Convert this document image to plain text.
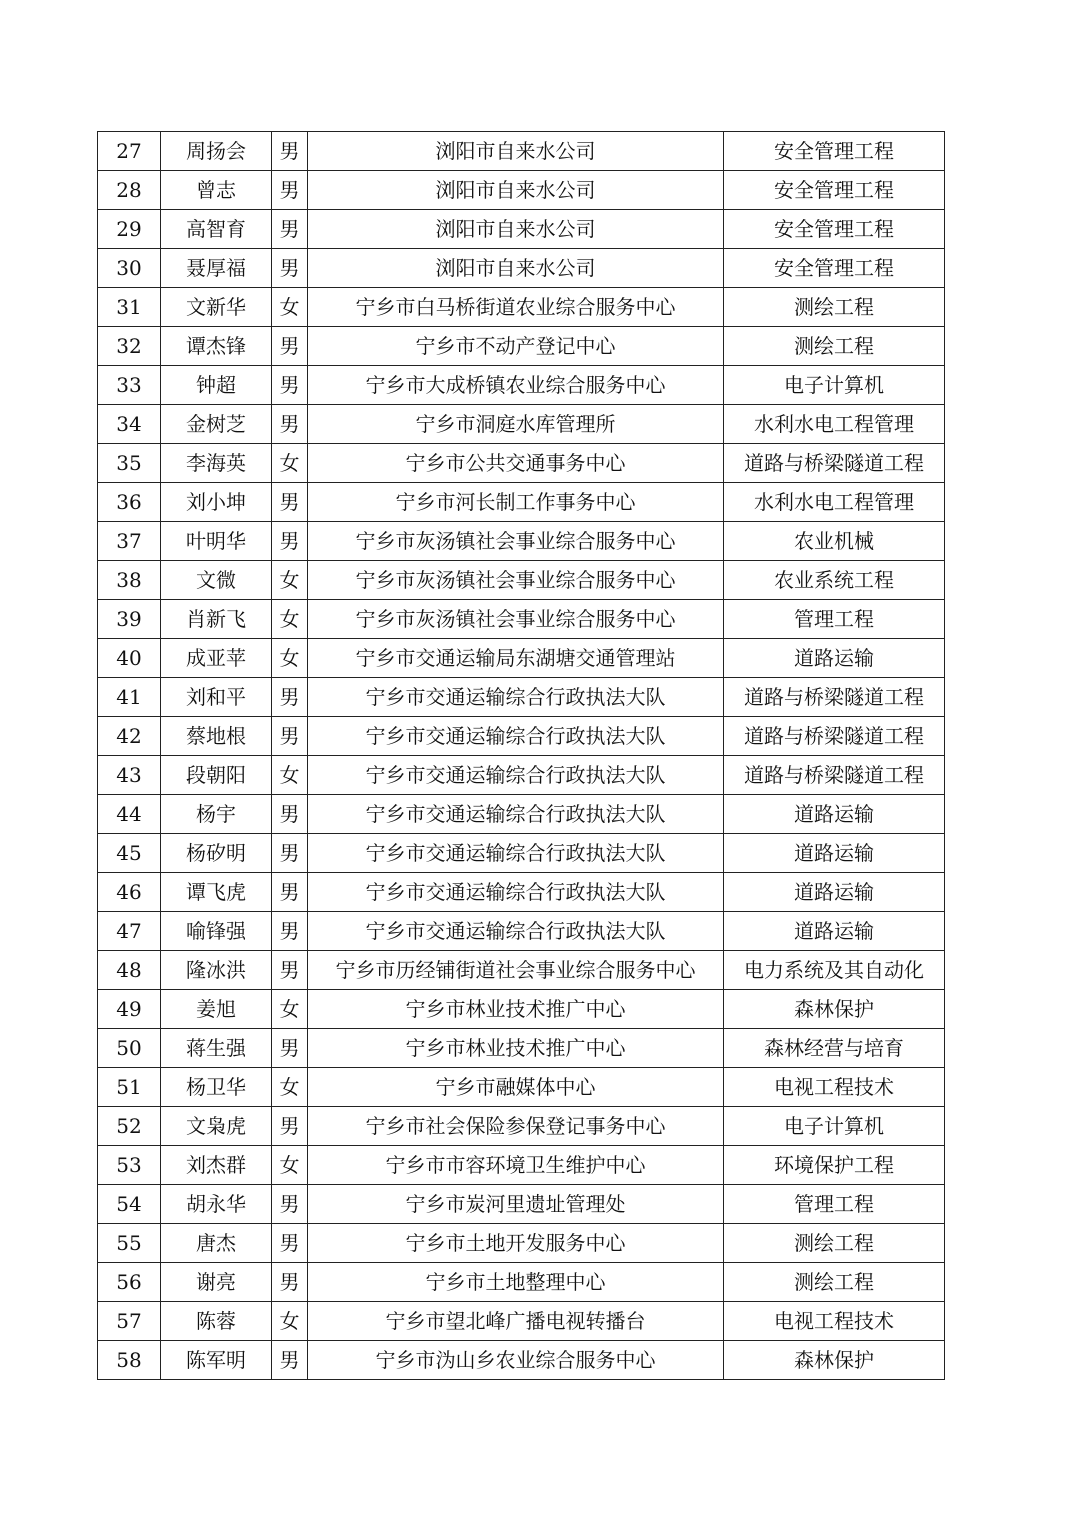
27	周扬会	男	浏阳市自来水公司	安全管理工程
28	曾志	男	浏阳市自来水公司	安全管理工程
29	高智育	男	浏阳市自来水公司	安全管理工程
30	聂厚福	男	浏阳市自来水公司	安全管理工程
31	文新华	女	宁乡市白马桥街道农业综合服务中心	测绘工程
32	谭杰锋	男	宁乡市不动产登记中心	测绘工程
33	钟超	男	宁乡市大成桥镇农业综合服务中心	电子计算机
34	金树芝	男	宁乡市洞庭水库管理所	水利水电工程管理
35	李海英	女	宁乡市公共交通事务中心	道路与桥梁隧道工程
36	刘小坤	男	宁乡市河长制工作事务中心	水利水电工程管理
37	叶明华	男	宁乡市灰汤镇社会事业综合服务中心	农业机械
38	文微	女	宁乡市灰汤镇社会事业综合服务中心	农业系统工程
39	肖新飞	女	宁乡市灰汤镇社会事业综合服务中心	管理工程
40	成亚苹	女	宁乡市交通运输局东湖塘交通管理站	道路运输
41	刘和平	男	宁乡市交通运输综合行政执法大队	道路与桥梁隧道工程
42	蔡地根	男	宁乡市交通运输综合行政执法大队	道路与桥梁隧道工程
43	段朝阳	女	宁乡市交通运输综合行政执法大队	道路与桥梁隧道工程
44	杨宇	男	宁乡市交通运输综合行政执法大队	道路运输
45	杨矽明	男	宁乡市交通运输综合行政执法大队	道路运输
46	谭飞虎	男	宁乡市交通运输综合行政执法大队	道路运输
47	喻锋强	男	宁乡市交通运输综合行政执法大队	道路运输
48	隆冰洪	男	宁乡市历经铺街道社会事业综合服务中心	电力系统及其自动化
49	姜旭	女	宁乡市林业技术推广中心	森林保护
50	蒋生强	男	宁乡市林业技术推广中心	森林经营与培育
51	杨卫华	女	宁乡市融媒体中心	电视工程技术
52	文枭虎	男	宁乡市社会保险参保登记事务中心	电子计算机
53	刘杰群	女	宁乡市市容环境卫生维护中心	环境保护工程
54	胡永华	男	宁乡市炭河里遗址管理处	管理工程
55	唐杰	男	宁乡市土地开发服务中心	测绘工程
56	谢亮	男	宁乡市土地整理中心	测绘工程
57	陈蓉	女	宁乡市望北峰广播电视转播台	电视工程技术
58	陈军明	男	宁乡市沩山乡农业综合服务中心	森林保护
